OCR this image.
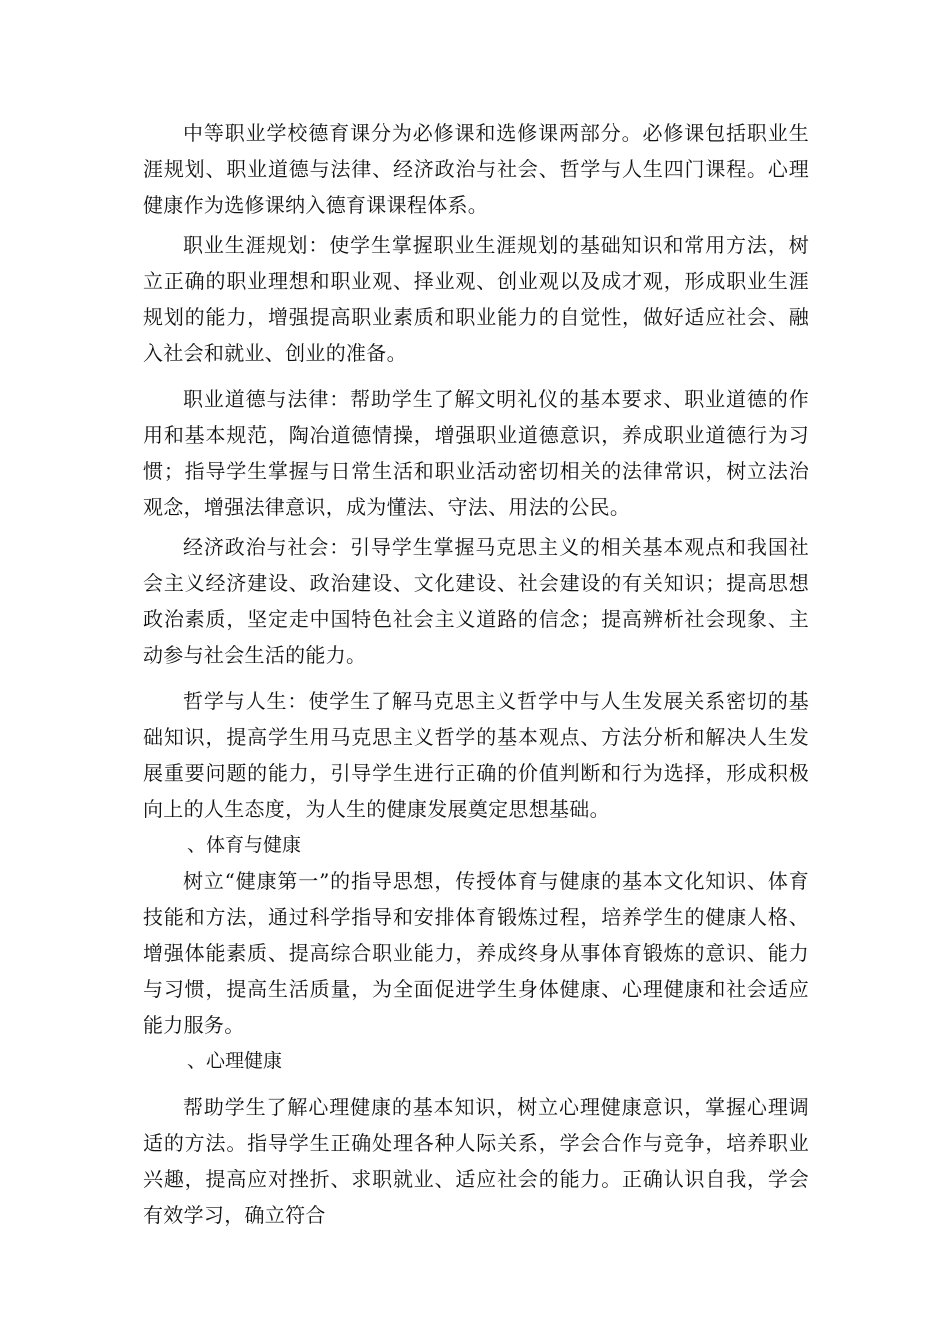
中等职业学校德育课分为必修课和选修课两部分。必修课包括职业生涯规划、职业道德与法律、经济政治与社会、哲学与人生四门课程。心理健康作为选修课纳入德育课课程体系。

职业生涯规划：使学生掌握职业生涯规划的基础知识和常用方法，树立正确的职业理想和职业观、择业观、创业观以及成才观，形成职业生涯规划的能力，增强提高职业素质和职业能力的自觉性，做好适应社会、融入社会和就业、创业的准备。

职业道德与法律：帮助学生了解文明礼仪的基本要求、职业道德的作用和基本规范，陶冶道德情操，增强职业道德意识，养成职业道德行为习惯；指导学生掌握与日常生活和职业活动密切相关的法律常识，树立法治观念，增强法律意识，成为懂法、守法、用法的公民。

经济政治与社会：引导学生掌握马克思主义的相关基本观点和我国社会主义经济建设、政治建设、文化建设、社会建设的有关知识；提高思想政治素质，坚定走中国特色社会主义道路的信念；提高辨析社会现象、主动参与社会生活的能力。

哲学与人生：使学生了解马克思主义哲学中与人生发展关系密切的基础知识，提高学生用马克思主义哲学的基本观点、方法分析和解决人生发展重要问题的能力，引导学生进行正确的价值判断和行为选择，形成积极向上的人生态度，为人生的健康发展奠定思想基础。

、体育与健康

树立“健康第一”的指导思想，传授体育与健康的基本文化知识、体育技能和方法，通过科学指导和安排体育锻炼过程，培养学生的健康人格、增强体能素质、提高综合职业能力，养成终身从事体育锻炼的意识、能力与习惯，提高生活质量，为全面促进学生身体健康、心理健康和社会适应能力服务。

、心理健康

帮助学生了解心理健康的基本知识，树立心理健康意识，掌握心理调适的方法。指导学生正确处理各种人际关系，学会合作与竞争，培养职业兴趣，提高应对挫折、求职就业、适应社会的能力。正确认识自我，学会有效学习，确立符合
